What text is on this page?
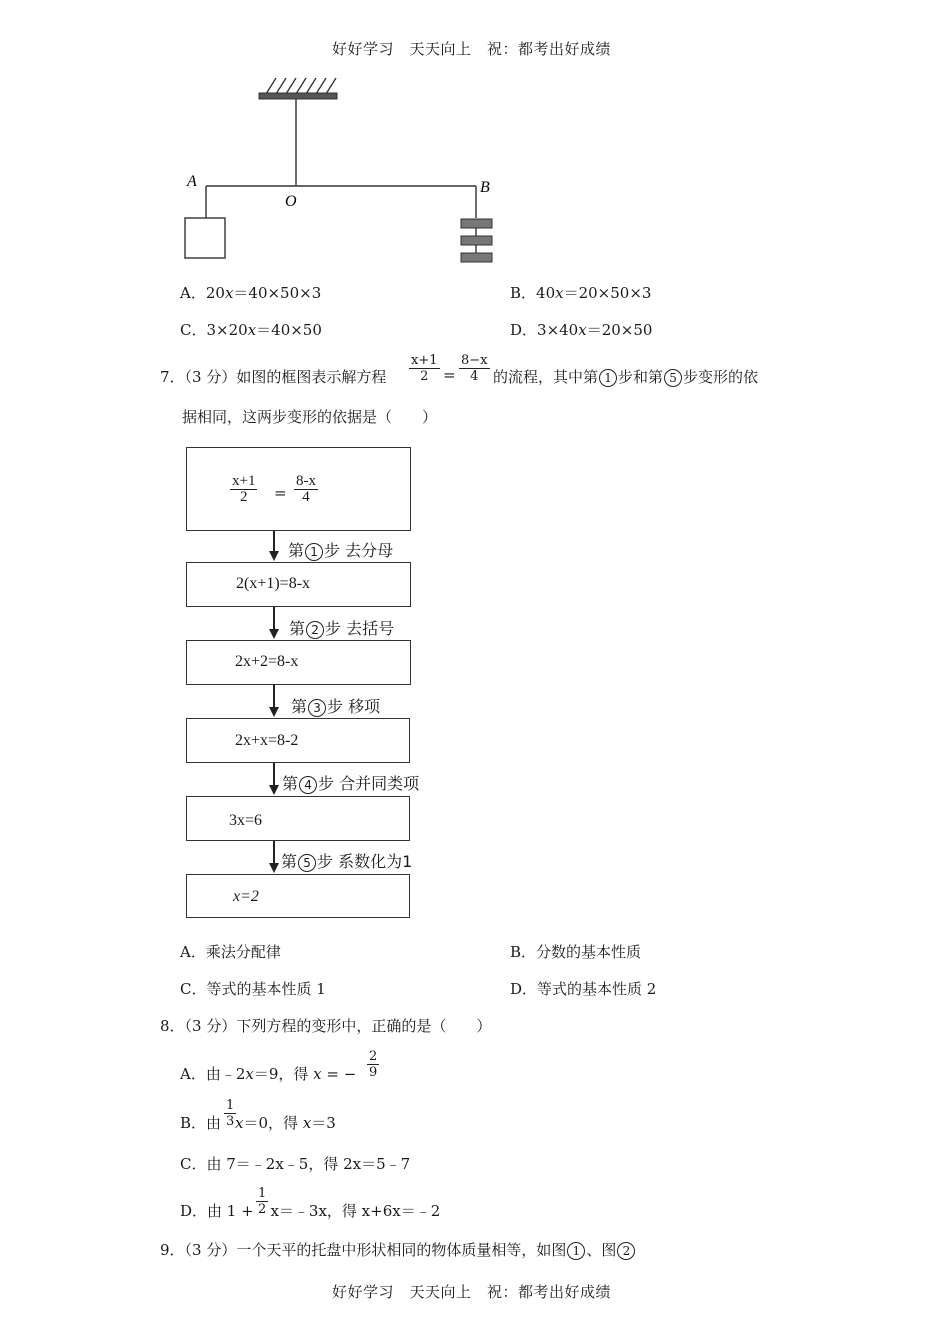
好好学习　天天向上　祝：都考出好成绩
A
O
B
A．20x＝40×50×3	B．40x＝20×50×3
C．3×20x＝40×50	D．3×40x＝20×50
7．（3 分）如图的框图表示解方程 $\frac{x+1}{2} = \frac{8-x}{4}$ 的流程，其中第 1 步和第 5 步变形的依
据相同，这两步变形的依据是（　　）
$\frac{x+1}{2} = \frac{8-x}{4}$
第 1 步 去分母
2(x+1)=8-x
第 2 步 去括号
2x+2=8-x
第 3 步 移项
2x+x=8-2
第 4 步 合并同类项
3x=6
第 5 步 系数化为1
x=2
A．乘法分配律	B．分数的基本性质
C．等式的基本性质 1	D．等式的基本性质 2
8．（3 分）下列方程的变形中，正确的是（　　）
A．由﹣2x＝9，得 x = − $\frac{2}{9}$
B．由 x＝0，得 x＝3
$\frac{1}{3}$
C．由 7＝﹣2x﹣5，得 2x＝5﹣7
D．由 1 + x＝﹣3x，得 x+6x＝﹣2
$\frac{1}{2}$
9．（3 分）一个天平的托盘中形状相同的物体质量相等，如图 1 、图 2
好好学习　天天向上　祝：都考出好成绩
